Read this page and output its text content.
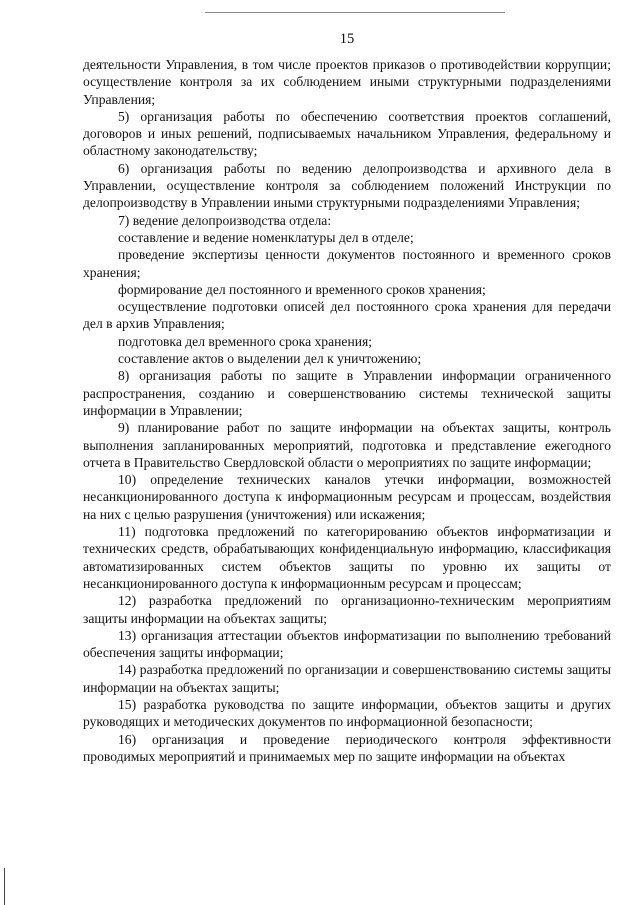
15

деятельности Управления, в том числе проектов приказов о противодействии коррупции; осуществление контроля за их соблюдением иными структурными подразделениями Управления;

5) организация работы по обеспечению соответствия проектов соглашений, договоров и иных решений, подписываемых начальником Управления, федеральному и областному законодательству;

6) организация работы по ведению делопроизводства и архивного дела в Управлении, осуществление контроля за соблюдением положений Инструкции по делопроизводству в Управлении иными структурными подразделениями Управления;

7) ведение делопроизводства отдела:

составление и ведение номенклатуры дел в отделе;

проведение экспертизы ценности документов постоянного и временного сроков хранения;

формирование дел постоянного и временного сроков хранения;

осуществление подготовки описей дел постоянного срока хранения для передачи дел в архив Управления;

подготовка дел временного срока хранения;

составление актов о выделении дел к уничтожению;

8) организация работы по защите в Управлении информации ограниченного распространения, созданию и совершенствованию системы технической защиты информации в Управлении;

9) планирование работ по защите информации на объектах защиты, контроль выполнения запланированных мероприятий, подготовка и представление ежегодного отчета в Правительство Свердловской области о мероприятиях по защите информации;

10) определение технических каналов утечки информации, возможностей несанкционированного доступа к информационным ресурсам и процессам, воздействия на них с целью разрушения (уничтожения) или искажения;

11) подготовка предложений по категорированию объектов информатизации и технических средств, обрабатывающих конфиденциальную информацию, классификация автоматизированных систем объектов защиты по уровню их защиты от несанкционированного доступа к информационным ресурсам и процессам;

12) разработка предложений по организационно-техническим мероприятиям защиты информации на объектах защиты;

13) организация аттестации объектов информатизации по выполнению требований обеспечения защиты информации;

14) разработка предложений по организации и совершенствованию системы защиты информации на объектах защиты;

15) разработка руководства по защите информации, объектов защиты и других руководящих и методических документов по информационной безопасности;

16) организация и проведение периодического контроля эффективности проводимых мероприятий и принимаемых мер по защите информации на объектах
